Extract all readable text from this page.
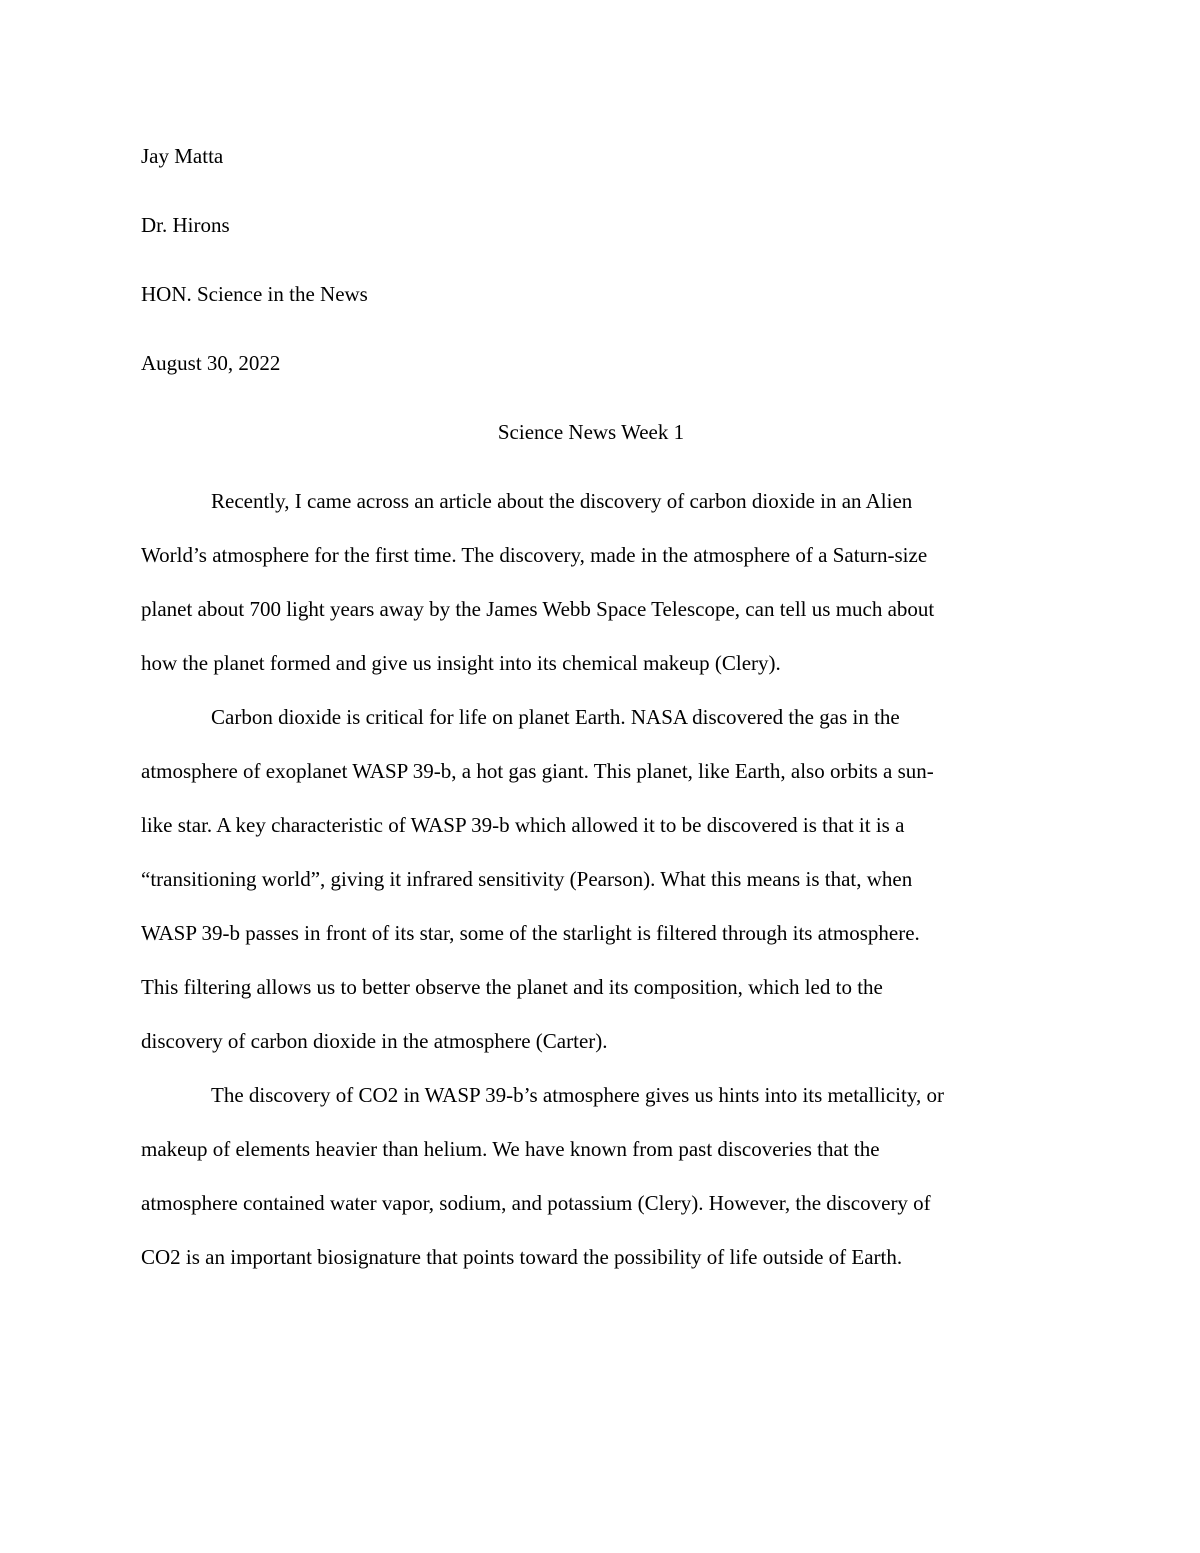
Jay Matta
Dr. Hirons
HON. Science in the News
August 30, 2022
Science News Week 1
Recently, I came across an article about the discovery of carbon dioxide in an Alien
World’s atmosphere for the first time. The discovery, made in the atmosphere of a Saturn-size
planet about 700 light years away by the James Webb Space Telescope, can tell us much about
how the planet formed and give us insight into its chemical makeup (Clery).
Carbon dioxide is critical for life on planet Earth. NASA discovered the gas in the
atmosphere of exoplanet WASP 39-b, a hot gas giant. This planet, like Earth, also orbits a sun-
like star. A key characteristic of WASP 39-b which allowed it to be discovered is that it is a
“transitioning world”, giving it infrared sensitivity (Pearson). What this means is that, when
WASP 39-b passes in front of its star, some of the starlight is filtered through its atmosphere.
This filtering allows us to better observe the planet and its composition, which led to the
discovery of carbon dioxide in the atmosphere (Carter).
The discovery of CO2 in WASP 39-b’s atmosphere gives us hints into its metallicity, or
makeup of elements heavier than helium. We have known from past discoveries that the
atmosphere contained water vapor, sodium, and potassium (Clery). However, the discovery of
CO2 is an important biosignature that points toward the possibility of life outside of Earth.
